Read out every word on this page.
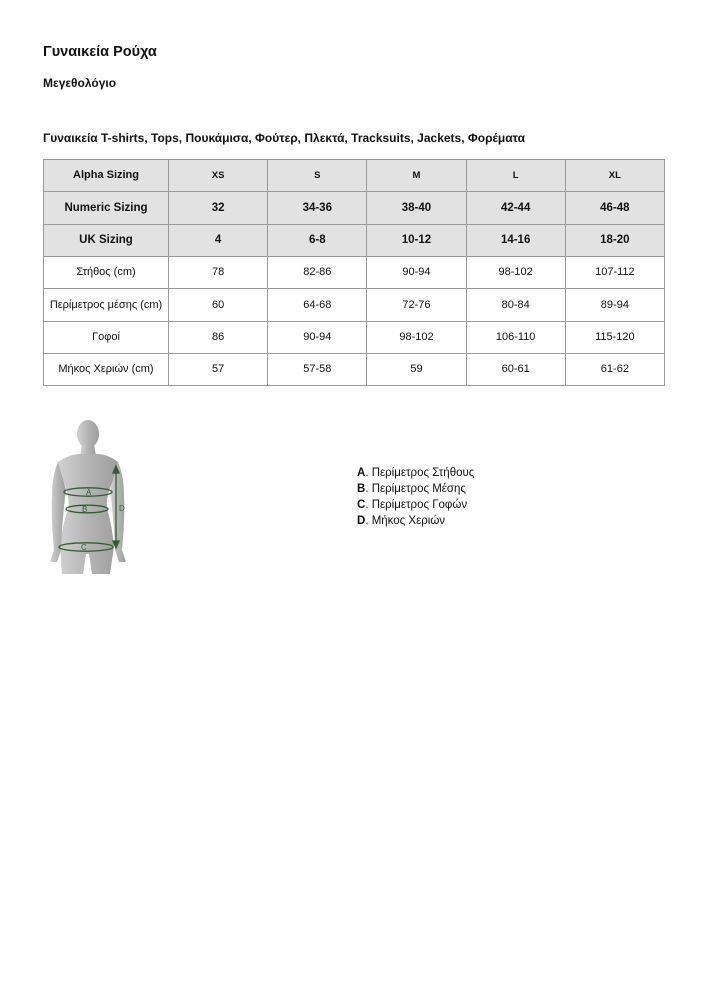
Γυναικεία Ρούχα
Μεγεθολόγιο
Γυναικεία T-shirts, Tops, Πουκάμισα, Φούτερ, Πλεκτά, Tracksuits, Jackets, Φορέματα
Alpha Sizing	XS	S	M	L	XL
Numeric Sizing	32	34-36	38-40	42-44	46-48
UK Sizing	4	6-8	10-12	14-16	18-20
Στήθος (cm)	78	82-86	90-94	98-102	107-112
Περίμετρος μέσης (cm)	60	64-68	72-76	80-84	89-94
Γοφοί	86	90-94	98-102	106-110	115-120
Μήκος Χεριών (cm)	57	57-58	59	60-61	61-62
A
B
C
D
A. Περίμετρος Στήθους
B. Περίμετρος Μέσης
C. Περίμετρος Γοφών
D. Μήκος Χεριών
